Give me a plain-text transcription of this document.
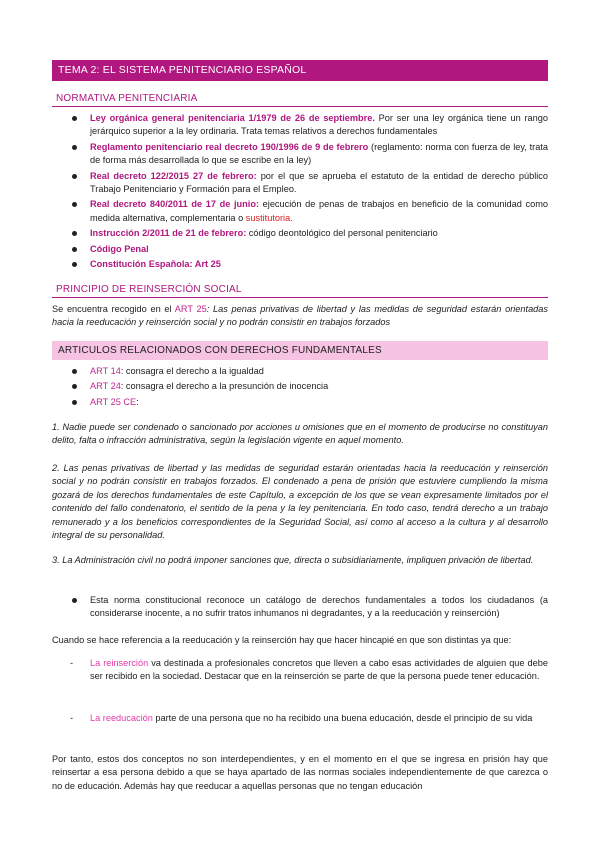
TEMA 2: EL SISTEMA PENITENCIARIO ESPAÑOL
NORMATIVA PENITENCIARIA
Ley orgánica general penitenciaria 1/1979 de 26 de septiembre. Por ser una ley orgánica tiene un rango jerárquico superior a la ley ordinaria. Trata temas relativos a derechos fundamentales
Reglamento penitenciario real decreto 190/1996 de 9 de febrero (reglamento: norma con fuerza de ley, trata de forma más desarrollada lo que se escribe en la ley)
Real decreto 122/2015 27 de febrero: por el que se aprueba el estatuto de la entidad de derecho público Trabajo Penitenciario y Formación para el Empleo.
Real decreto 840/2011 de 17 de junio: ejecución de penas de trabajos en beneficio de la comunidad como medida alternativa, complementaria o sustitutoria.
Instrucción 2/2011 de 21 de febrero: código deontológico del personal penitenciario
Código Penal
Constitución Española: Art 25
PRINCIPIO DE REINSERCIÓN SOCIAL
Se encuentra recogido en el ART 25: Las penas privativas de libertad y las medidas de seguridad estarán orientadas hacia la reeducación y reinserción social y no podrán consistir en trabajos forzados
ARTICULOS RELACIONADOS CON DERECHOS FUNDAMENTALES
ART 14: consagra el derecho a la igualdad
ART 24: consagra el derecho a la presunción de inocencia
ART 25 CE:
1. Nadie puede ser condenado o sancionado por acciones u omisiones que en el momento de producirse no constituyan delito, falta o infracción administrativa, según la legislación vigente en aquel momento.
2. Las penas privativas de libertad y las medidas de seguridad estarán orientadas hacia la reeducación y reinserción social y no podrán consistir en trabajos forzados. El condenado a pena de prisión que estuviere cumpliendo la misma gozará de los derechos fundamentales de este Capítulo, a excepción de los que se vean expresamente limitados por el contenido del fallo condenatorio, el sentido de la pena y la ley penitenciaria. En todo caso, tendrá derecho a un trabajo remunerado y a los beneficios correspondientes de la Seguridad Social, así como al acceso a la cultura y al desarrollo integral de su personalidad.
3. La Administración civil no podrá imponer sanciones que, directa o subsidiariamente, impliquen privación de libertad.
Esta norma constitucional reconoce un catálogo de derechos fundamentales a todos los ciudadanos (a considerarse inocente, a no sufrir tratos inhumanos ni degradantes, y a la reeducación y reinserción)
Cuando se hace referencia a la reeducación y la reinserción hay que hacer hincapié en que son distintas ya que:
- La reinserción va destinada a profesionales concretos que lleven a cabo esas actividades de alguien que debe ser recibido en la sociedad. Destacar que en la reinserción se parte de que la persona puede tener educación.
- La reeducación parte de una persona que no ha recibido una buena educación, desde el principio de su vida
Por tanto, estos dos conceptos no son interdependientes, y en el momento en el que se ingresa en prisión hay que reinsertar a esa persona debido a que se haya apartado de las normas sociales independientemente de que carezca o no de educación. Además hay que reeducar a aquellas personas que no tengan educación
